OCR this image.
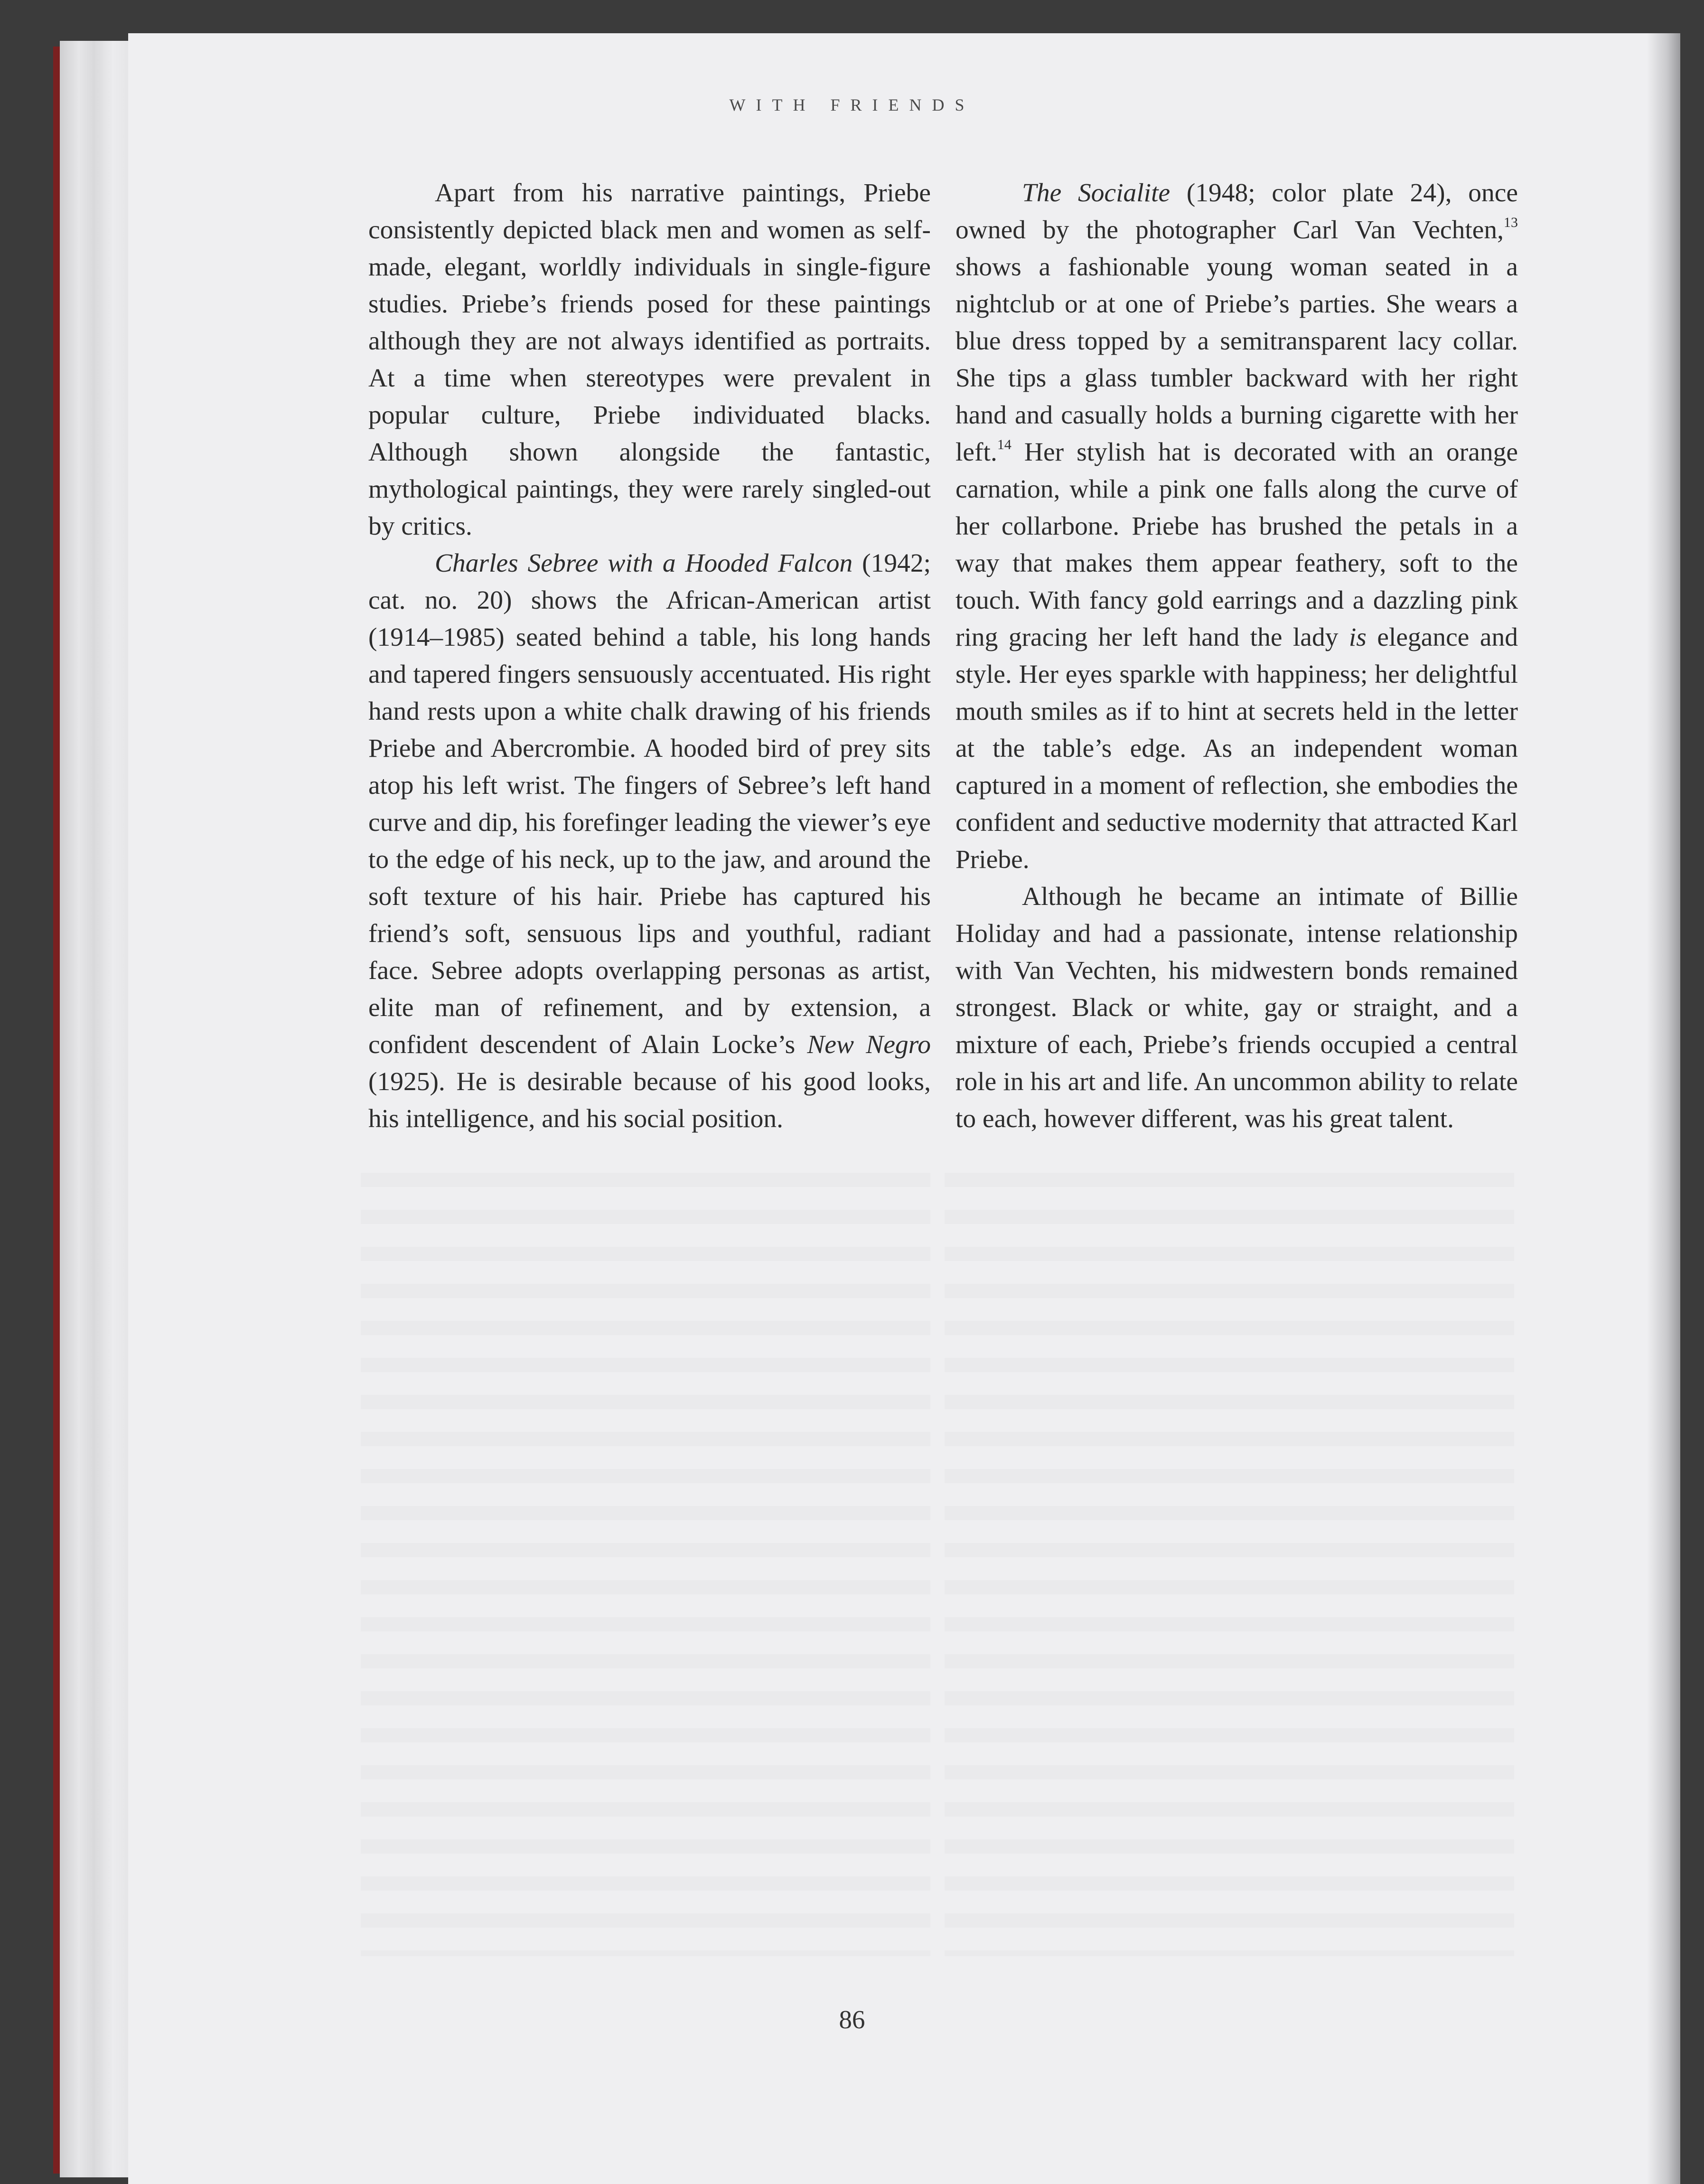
WITH FRIENDS

Apart from his narrative paintings, Priebe consistently depicted black men and women as self-made, elegant, worldly individuals in single-figure studies. Priebe’s friends posed for these paintings although they are not always identified as portraits. At a time when stereotypes were prevalent in popular culture, Priebe individuated blacks. Although shown alongside the fantastic, mythological paintings, they were rarely singled-out by critics.

Charles Sebree with a Hooded Falcon (1942; cat. no. 20) shows the African-American artist (1914–1985) seated behind a table, his long hands and tapered fingers sensuously accentuated. His right hand rests upon a white chalk drawing of his friends Priebe and Abercrombie. A hooded bird of prey sits atop his left wrist. The fingers of Sebree’s left hand curve and dip, his forefinger leading the viewer’s eye to the edge of his neck, up to the jaw, and around the soft texture of his hair. Priebe has captured his friend’s soft, sensuous lips and youthful, radiant face. Sebree adopts overlapping personas as artist, elite man of refinement, and by extension, a confident descendent of Alain Locke’s New Negro (1925). He is desirable because of his good looks, his intelligence, and his social position.

The Socialite (1948; color plate 24), once owned by the photographer Carl Van Vechten,$^{13}$ shows a fashionable young woman seated in a nightclub or at one of Priebe’s parties. She wears a blue dress topped by a semitransparent lacy collar. She tips a glass tumbler backward with her right hand and casually holds a burning cigarette with her left.$^{14}$ Her stylish hat is decorated with an orange carnation, while a pink one falls along the curve of her collarbone. Priebe has brushed the petals in a way that makes them appear feathery, soft to the touch. With fancy gold earrings and a dazzling pink ring gracing her left hand the lady is elegance and style. Her eyes sparkle with happiness; her delightful mouth smiles as if to hint at secrets held in the letter at the table’s edge. As an independent woman captured in a moment of reflection, she embodies the confident and seductive modernity that attracted Karl Priebe.

Although he became an intimate of Billie Holiday and had a passionate, intense relationship with Van Vechten, his midwestern bonds remained strongest. Black or white, gay or straight, and a mixture of each, Priebe’s friends occupied a central role in his art and life. An uncommon ability to relate to each, however different, was his great talent.

86
